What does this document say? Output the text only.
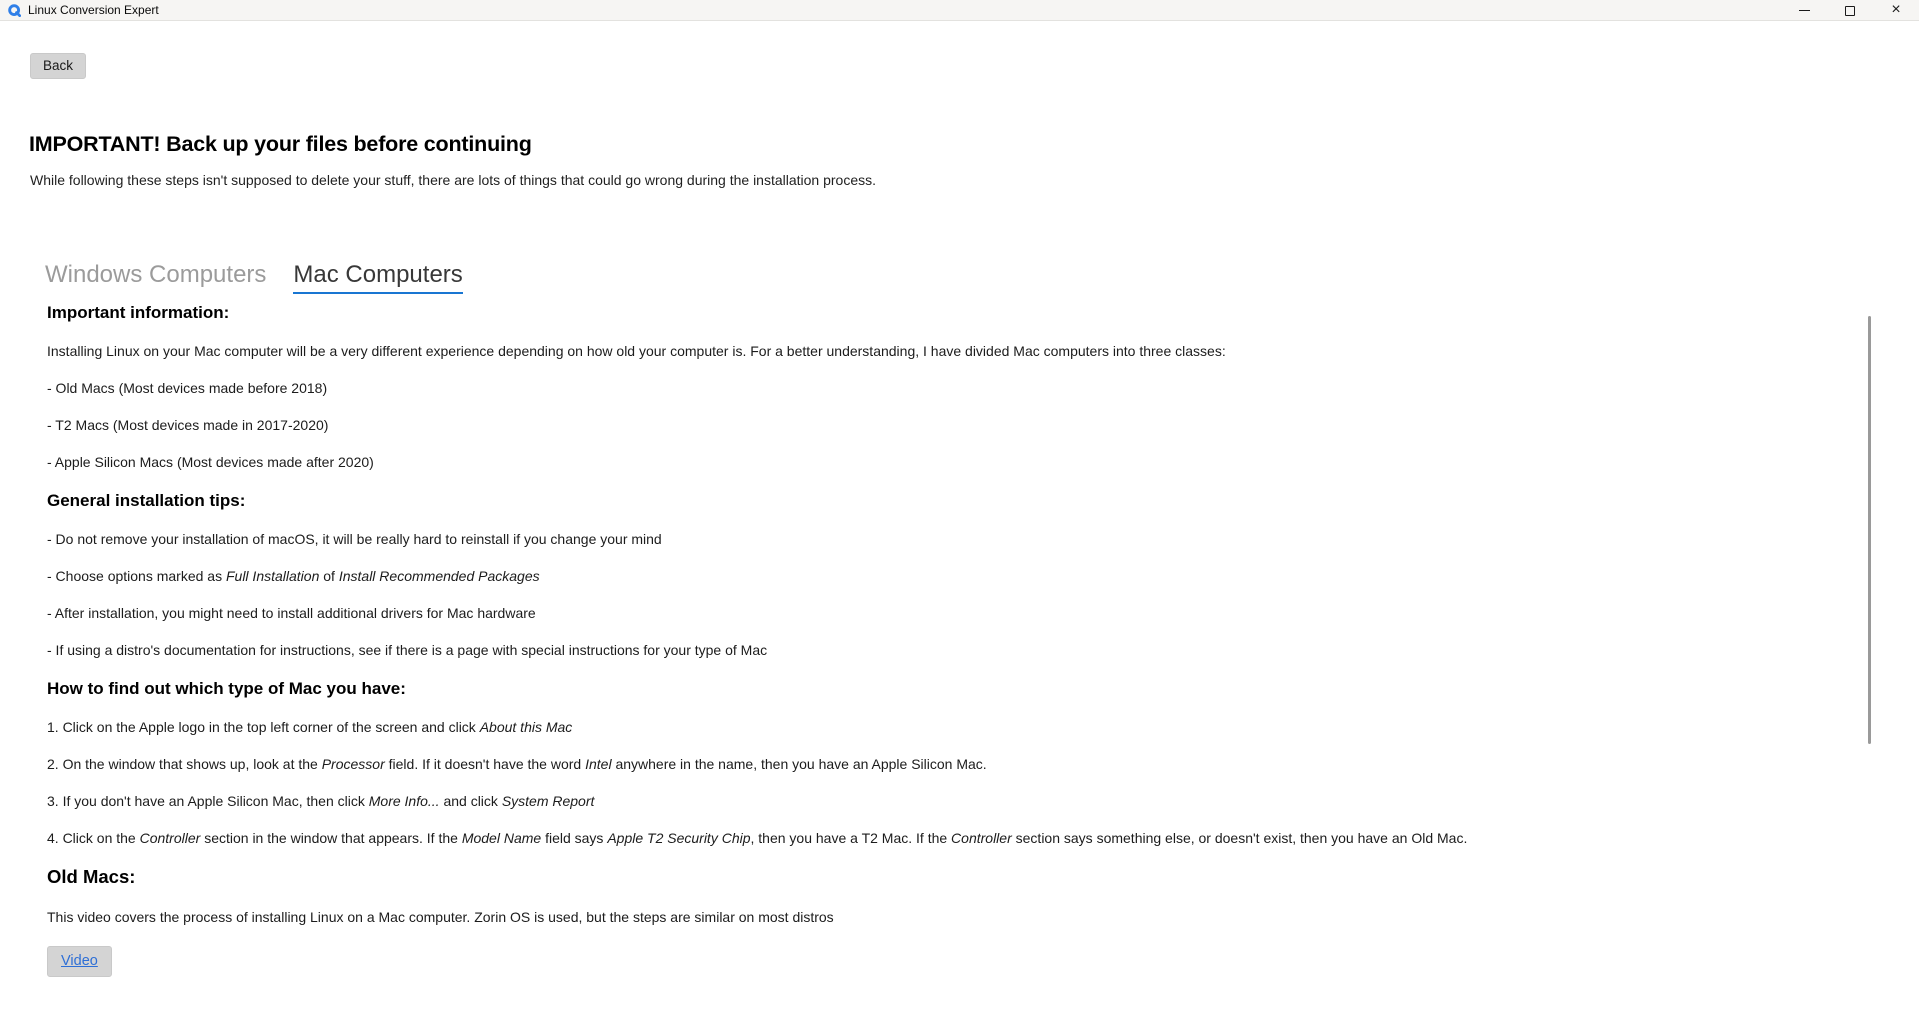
Linux Conversion Expert	×
Back
IMPORTANT! Back up your files before continuing

While following these steps isn't supposed to delete your stuff, there are lots of things that could go wrong during the installation process.

Windows Computers Mac Computers

Important information:

Installing Linux on your Mac computer will be a very different experience depending on how old your computer is. For a better understanding, I have divided Mac computers into three classes:

- Old Macs (Most devices made before 2018)

- T2 Macs (Most devices made in 2017-2020)

- Apple Silicon Macs (Most devices made after 2020)

General installation tips:

- Do not remove your installation of macOS, it will be really hard to reinstall if you change your mind

- Choose options marked as Full Installation of Install Recommended Packages

- After installation, you might need to install additional drivers for Mac hardware

- If using a distro's documentation for instructions, see if there is a page with special instructions for your type of Mac

How to find out which type of Mac you have:

1. Click on the Apple logo in the top left corner of the screen and click About this Mac

2. On the window that shows up, look at the Processor field. If it doesn't have the word Intel anywhere in the name, then you have an Apple Silicon Mac.

3. If you don't have an Apple Silicon Mac, then click More Info... and click System Report

4. Click on the Controller section in the window that appears. If the Model Name field says Apple T2 Security Chip, then you have a T2 Mac. If the Controller section says something else, or doesn't exist, then you have an Old Mac.

Old Macs:

This video covers the process of installing Linux on a Mac computer. Zorin OS is used, but the steps are similar on most distros

Video
